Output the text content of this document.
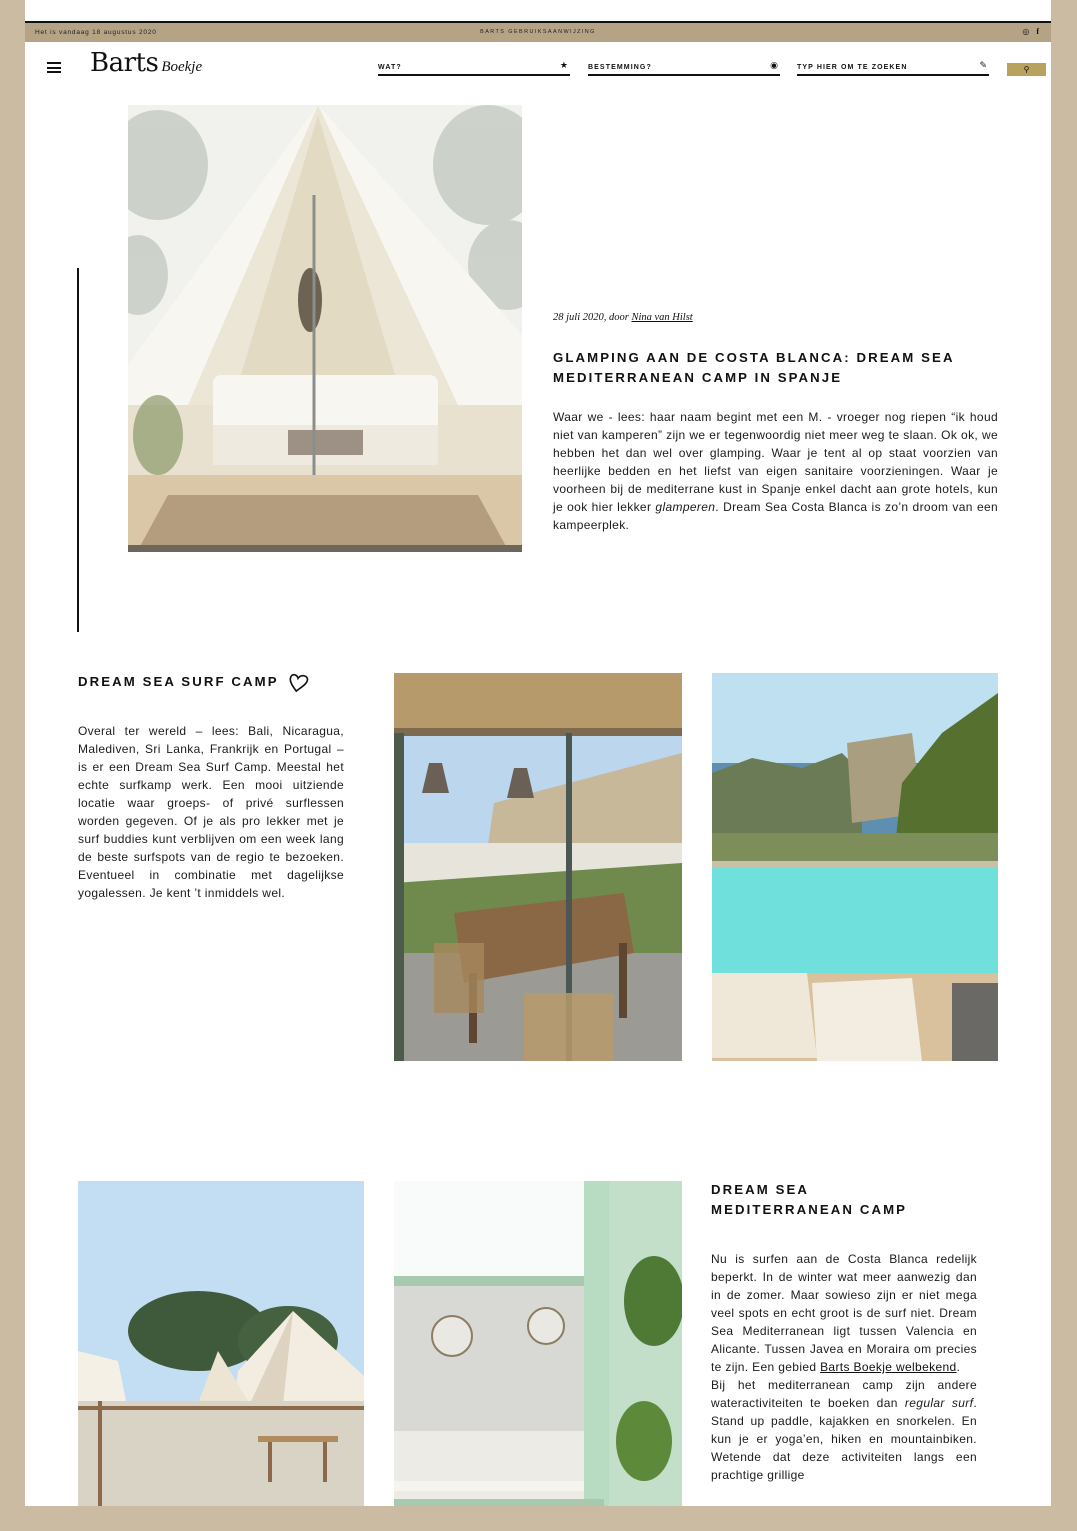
Het is vandaag 18 augustus 2020	BARTS GEBRUIKSAANWIJZING	◎ f
Barts Boekje	WAT?	★	BESTEMMING?	◉	TYP HIER OM TE ZOEKEN	✎	⚲
28 juli 2020, door Nina van Hilst
GLAMPING AAN DE COSTA BLANCA: DREAM SEA MEDITERRANEAN CAMP IN SPANJE

Waar we - lees: haar naam begint met een M. - vroeger nog riepen “ik houd niet van kamperen” zijn we er tegenwoordig niet meer weg te slaan. Ok ok, we hebben het dan wel over glamping. Waar je tent al op staat voorzien van heerlijke bedden en het liefst van eigen sanitaire voorzieningen. Waar je voorheen bij de mediterrane kust in Spanje enkel dacht aan grote hotels, kun je ook hier lekker glamperen. Dream Sea Costa Blanca is zo’n droom van een kampeerplek.

DREAM SEA SURF CAMP

Overal ter wereld – lees: Bali, Nicaragua, Malediven, Sri Lanka, Frankrijk en Portugal – is er een Dream Sea Surf Camp. Meestal het echte surfkamp werk. Een mooi uitziende locatie waar groeps- of privé surflessen worden gegeven. Of je als pro lekker met je surf buddies kunt verblijven om een week lang de beste surfspots van de regio te bezoeken. Eventueel in combinatie met dagelijkse yogalessen. Je kent ’t inmiddels wel.

DREAM SEA
MEDITERRANEAN CAMP

Nu is surfen aan de Costa Blanca redelijk beperkt. In de winter wat meer aanwezig dan in de zomer. Maar sowieso zijn er niet mega veel spots en echt groot is de surf niet. Dream Sea Mediterranean ligt tussen Valencia en Alicante. Tussen Javea en Moraira om precies te zijn. Een gebied Barts Boekje welbekend.

Bij het mediterranean camp zijn andere wateractiviteiten te boeken dan regular surf. Stand up paddle, kajakken en snorkelen. En kun je er yoga’en, hiken en mountainbiken. Wetende dat deze activiteiten langs een prachtige grillige
